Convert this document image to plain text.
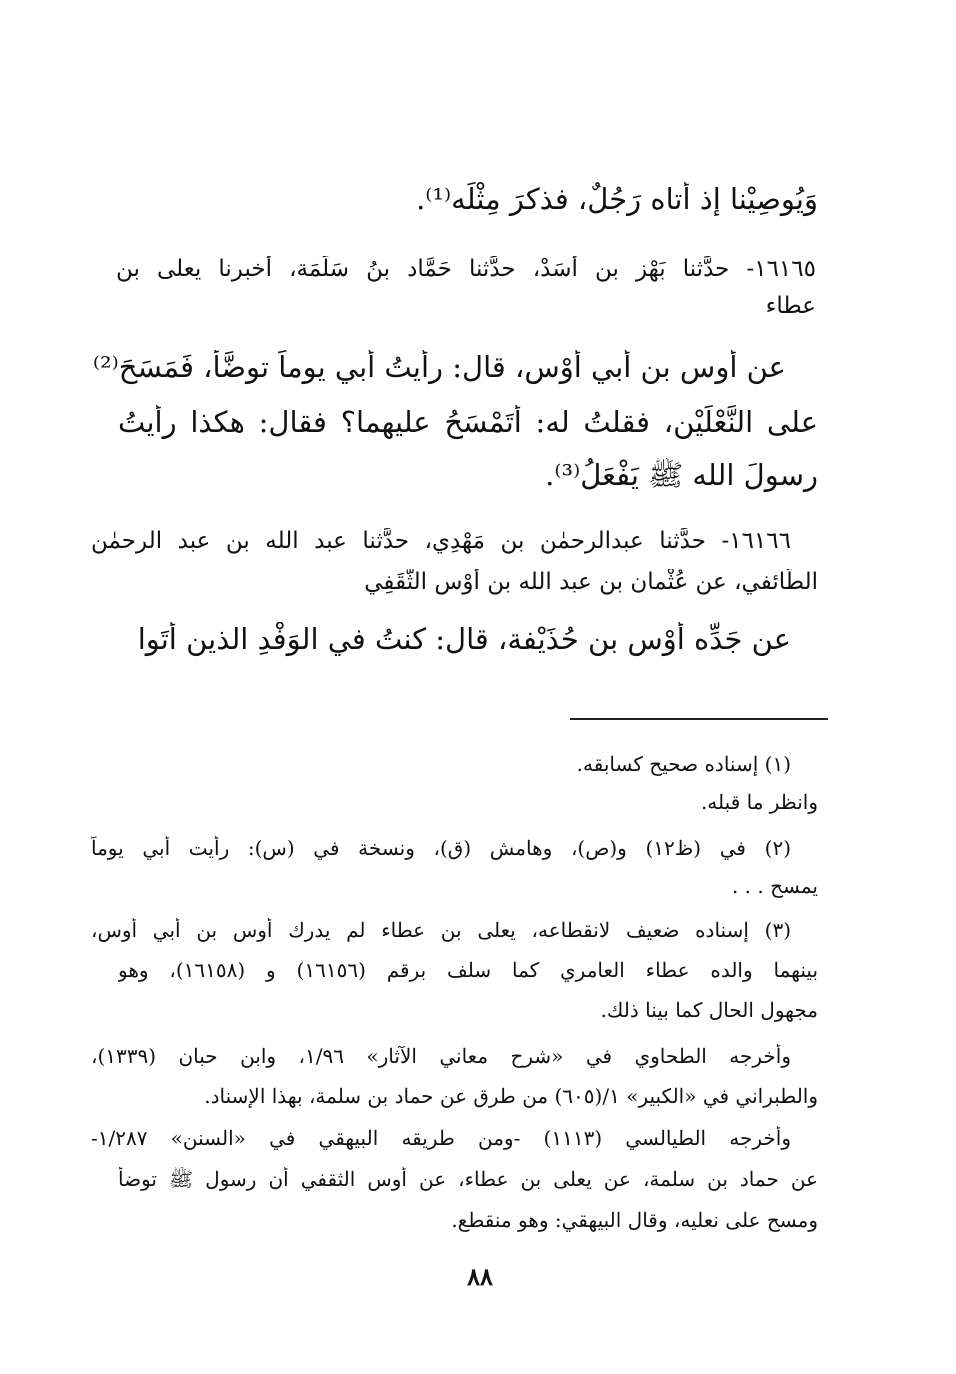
وَيُوصِيْنا إذ أتاه رَجُلٌ، فذكرَ مِثْلَه⁽¹⁾.
١٦١٦٥- حدَّثنا بَهْز بن أَسَدْ، حدَّثنا حَمَّاد بنُ سَلَمَة، أخبرنا يعلى بن
عطاء
عن أوس بنِ أبي أَوْس، قال: رأيتُ أبي يوماً توضَّأ، فَمَسَحَ⁽²⁾
على النَّعْلَيْنِ، فقلتُ له: أَتَمْسَحُ عليهما؟ فقال: هكذا رأيتُ
رسولَ الله ﷺ يَفْعَلُ⁽³⁾.
١٦١٦٦- حدَّثنا عبدالرحمٰن بن مَهْدِي، حدَّثنا عبد الله بن عبد الرحمٰن
الطَّائفي، عن عُثْمان بن عبد الله بن أَوْس الثَّقَفِي
عن جَدِّه أَوْس بن حُذَيْفة، قال: كنتُ في الوَفْدِ الذين أَتَوا
(١) إسناده صحيح كسابقه.
وانظر ما قبله.
(٢) في (ظ١٢) و(ص)، وهامش (ق)، ونسخة في (س): رأيت أبي يوماً
يمسح . . .
(٣) إسناده ضعيف لانقطاعه، يعلى بن عطاء لم يدرك أوس بن أبي أوس،
بينهما والده عطاء العامري كما سلف برقم (١٦١٥٦) و (١٦١٥٨)، وهو
مجهول الحال كما بينا ذلك.
وأخرجه الطحاوي في «شرح معاني الآثار» ١/٩٦، وابن حبان (١٣٣٩)،
والطبراني في «الكبير» ١/(٦٠٥) من طرق عن حماد بن سلمة، بهذا الإسناد.
وأخرجه الطيالسي (١١١٣) -ومن طريقه البيهقي في «السنن» ١/٢٨٧-
عن حماد بن سلمة، عن يعلى بن عطاء، عن أوس الثقفي أن رسول ﷺ توضأ
ومسح على نعليه، وقال البيهقي: وهو منقطع.
٨٨
